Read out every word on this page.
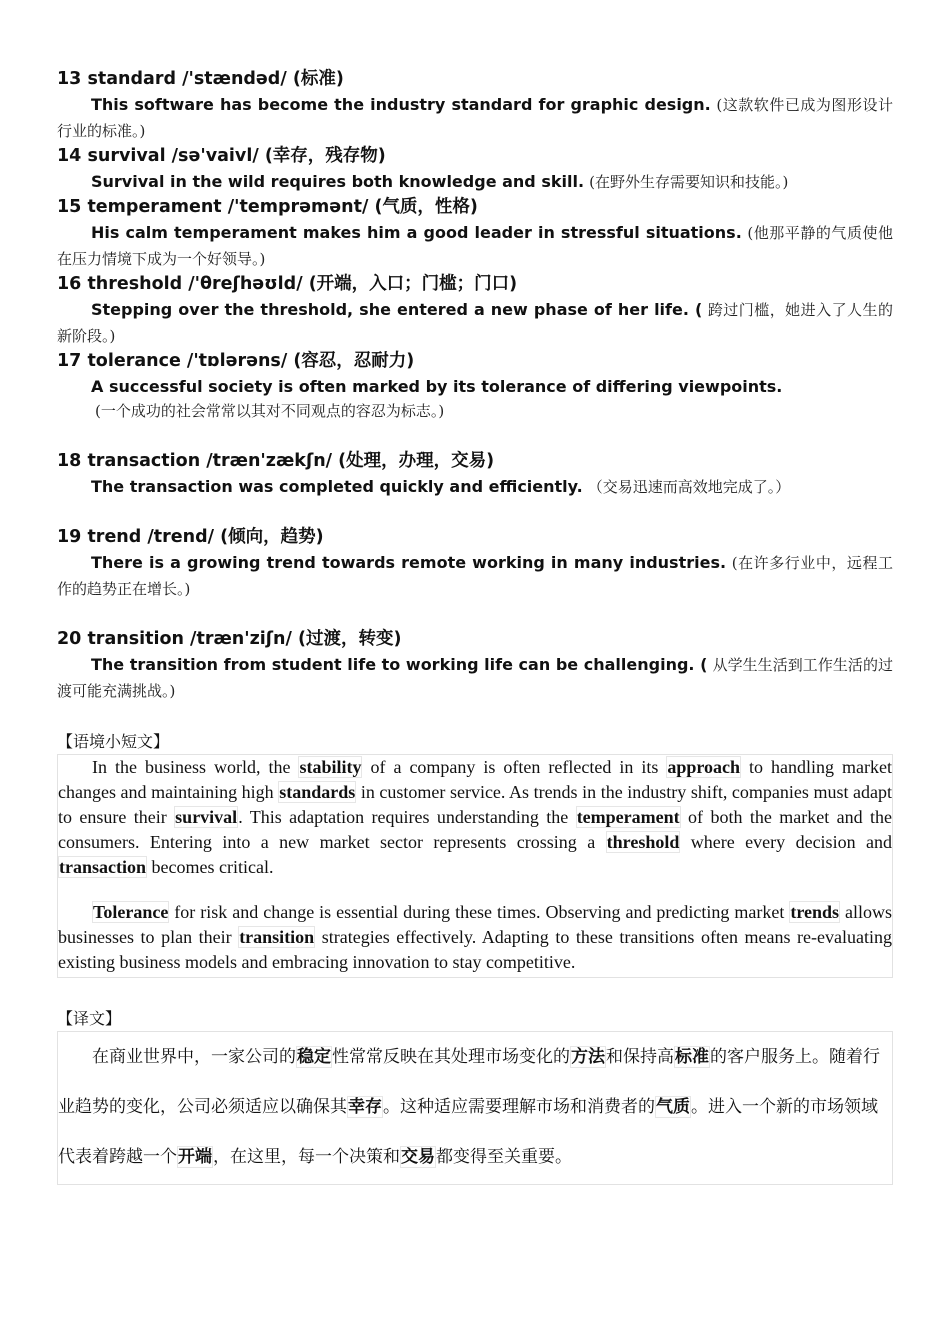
13 standard /'stændəd/ (标准)
This software has become the industry standard for graphic design. (这款软件已成为图形设计行业的标准。)
14 survival /sə'vaivl/ (幸存，残存物)
Survival in the wild requires both knowledge and skill. (在野外生存需要知识和技能。)
15 temperament /'temprəmənt/ (气质，性格)
His calm temperament makes him a good leader in stressful situations. (他那平静的气质使他在压力情境下成为一个好领导。)
16 threshold /'θreʃhəʊld/ (开端，入口；门槛；门口)
Stepping over the threshold, she entered a new phase of her life. ( 跨过门槛，她进入了人生的新阶段。)
17 tolerance /'tɒlərəns/ (容忍，忍耐力)
A successful society is often marked by its tolerance of differing viewpoints.
(一个成功的社会常常以其对不同观点的容忍为标志。)
18 transaction /træn'zækʃn/ (处理，办理，交易)
The transaction was completed quickly and efficiently. （交易迅速而高效地完成了。）
19 trend /trend/ (倾向，趋势)
There is a growing trend towards remote working in many industries. (在许多行业中，远程工作的趋势正在增长。)
20 transition /træn'ziʃn/ (过渡，转变)
The transition from student life to working life can be challenging. ( 从学生生活到工作生活的过渡可能充满挑战。)
【语境小短文】

In the business world, the stability of a company is often reflected in its approach to handling market changes and maintaining high standards in customer service. As trends in the industry shift, companies must adapt to ensure their survival. This adaptation requires understanding the temperament of both the market and the consumers. Entering into a new market sector represents crossing a threshold where every decision and transaction becomes critical.

Tolerance for risk and change is essential during these times. Observing and predicting market trends allows businesses to plan their transition strategies effectively. Adapting to these transitions often means re-evaluating existing business models and embracing innovation to stay competitive.

【译文】

在商业世界中，一家公司的稳定性常常反映在其处理市场变化的方法和保持高标准的客户服务上。随着行业趋势的变化，公司必须适应以确保其幸存。这种适应需要理解市场和消费者的气质。进入一个新的市场领域代表着跨越一个开端，在这里，每一个决策和交易都变得至关重要。
